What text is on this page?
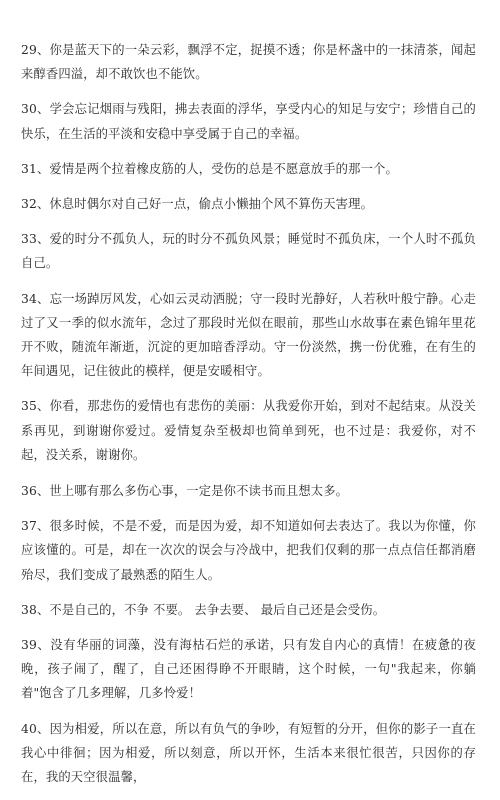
29、你是蓝天下的一朵云彩，飘浮不定，捉摸不透；你是杯盏中的一抹清茶，闻起来醇香四溢，却不敢饮也不能饮。

30、学会忘记烟雨与残阳，拂去表面的浮华，享受内心的知足与安宁；珍惜自己的快乐，在生活的平淡和安稳中享受属于自己的幸福。

31、爱情是两个拉着橡皮筋的人，受伤的总是不愿意放手的那一个。

32、休息时偶尔对自己好一点，偷点小懒抽个风不算伤天害理。

33、爱的时分不孤负人，玩的时分不孤负风景；睡觉时不孤负床，一个人时不孤负自己。

34、忘一场踔厉风发，心如云灵动洒脱；守一段时光静好，人若秋叶般宁静。心走过了又一季的似水流年，念过了那段时光似在眼前，那些山水故事在素色锦年里花开不败，随流年渐逝，沉淀的更加暗香浮动。守一份淡然，携一份优雅，在有生的年间遇见，记住彼此的模样，便是安暖相守。

35、你看，那悲伤的爱情也有悲伤的美丽：从我爱你开始，到对不起结束。从没关系再见，到谢谢你爱过。爱情复杂至极却也简单到死，也不过是：我爱你，对不起，没关系，谢谢你。

36、世上哪有那么多伤心事，一定是你不读书而且想太多。

37、很多时候，不是不爱，而是因为爱，却不知道如何去表达了。我以为你懂，你应该懂的。可是，却在一次次的误会与冷战中，把我们仅剩的那一点点信任都消磨殆尽，我们变成了最熟悉的陌生人。

38、不是自己的，不争 不要。 去争去要、 最后自己还是会受伤。

39、没有华丽的词藻，没有海枯石烂的承诺，只有发自内心的真情！在疲惫的夜晚，孩子闹了，醒了，自己还困得睁不开眼睛，这个时候，一句"我起来，你躺着"饱含了几多理解，几多怜爱！

40、因为相爱，所以在意，所以有负气的争吵，有短暂的分开，但你的影子一直在我心中徘徊；因为相爱，所以刻意，所以开怀，生活本来很忙很苦，只因你的存在，我的天空很温馨，
